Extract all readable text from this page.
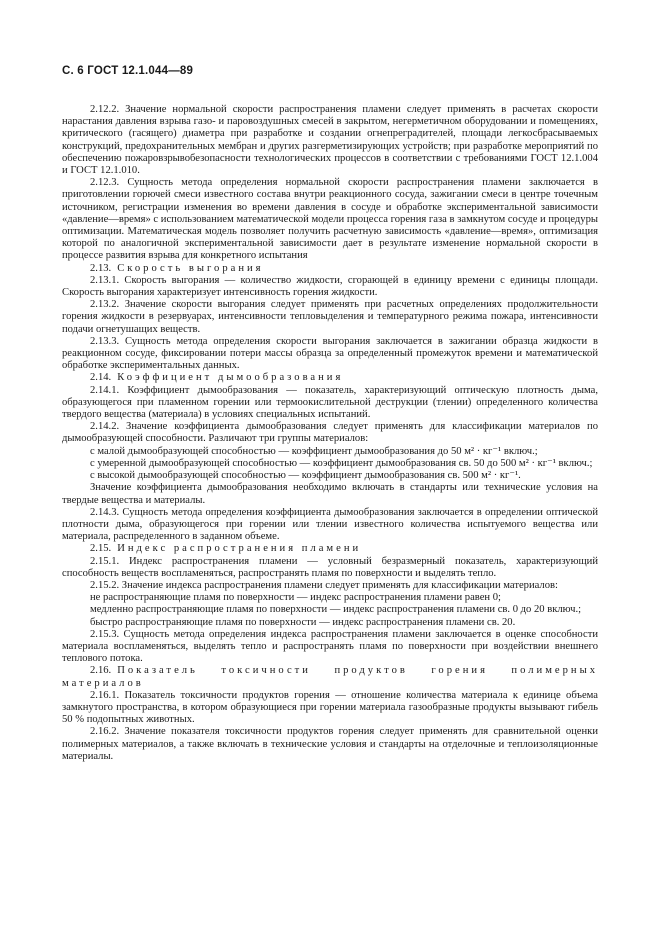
С. 6 ГОСТ 12.1.044—89

2.12.2. Значение нормальной скорости распространения пламени следует применять в расчетах скорости нарастания давления взрыва газо- и паровоздушных смесей в закрытом, негерметичном оборудовании и помещениях, критического (гасящего) диаметра при разработке и создании огнепреградителей, площади легкосбрасываемых конструкций, предохранительных мембран и других разгерметизирующих устройств; при разработке мероприятий по обеспечению пожаровзрывобезопасности технологических процессов в соответствии с требованиями ГОСТ 12.1.004 и ГОСТ 12.1.010.

2.12.3. Сущность метода определения нормальной скорости распространения пламени заключается в приготовлении горючей смеси известного состава внутри реакционного сосуда, зажигании смеси в центре точечным источником, регистрации изменения во времени давления в сосуде и обработке экспериментальной зависимости «давление—время» с использованием математической модели процесса горения газа в замкнутом сосуде и процедуры оптимизации. Математическая модель позволяет получить расчетную зависимость «давление—время», оптимизация которой по аналогичной экспериментальной зависимости дает в результате изменение нормальной скорости в процессе развития взрыва для конкретного испытания

2.13. Скорость выгорания

2.13.1. Скорость выгорания — количество жидкости, сгорающей в единицу времени с единицы площади. Скорость выгорания характеризует интенсивность горения жидкости.

2.13.2. Значение скорости выгорания следует применять при расчетных определениях продолжительности горения жидкости в резервуарах, интенсивности тепловыделения и температурного режима пожара, интенсивности подачи огнетушащих веществ.

2.13.3. Сущность метода определения скорости выгорания заключается в зажигании образца жидкости в реакционном сосуде, фиксировании потери массы образца за определенный промежуток времени и математической обработке экспериментальных данных.

2.14. Коэффициент дымообразования

2.14.1. Коэффициент дымообразования — показатель, характеризующий оптическую плотность дыма, образующегося при пламенном горении или термоокислительной деструкции (тлении) определенного количества твердого вещества (материала) в условиях специальных испытаний.

2.14.2. Значение коэффициента дымообразования следует применять для классификации материалов по дымообразующей способности. Различают три группы материалов:

с малой дымообразующей способностью — коэффициент дымообразования до 50 м² · кг⁻¹ включ.;

с умеренной дымообразующей способностью — коэффициент дымообразования св. 50 до 500 м² · кг⁻¹ включ.;

с высокой дымообразующей способностью — коэффициент дымообразования св. 500 м² · кг⁻¹.

Значение коэффициента дымообразования необходимо включать в стандарты или технические условия на твердые вещества и материалы.

2.14.3. Сущность метода определения коэффициента дымообразования заключается в определении оптической плотности дыма, образующегося при горении или тлении известного количества испытуемого вещества или материала, распределенного в заданном объеме.

2.15. Индекс распространения пламени

2.15.1. Индекс распространения пламени — условный безразмерный показатель, характеризующий способность веществ воспламеняться, распространять пламя по поверхности и выделять тепло.

2.15.2. Значение индекса распространения пламени следует применять для классификации материалов:

не распространяющие пламя по поверхности — индекс распространения пламени равен 0;

медленно распространяющие пламя по поверхности — индекс распространения пламени св. 0 до 20 включ.;

быстро распространяющие пламя по поверхности — индекс распространения пламени св. 20.

2.15.3. Сущность метода определения индекса распространения пламени заключается в оценке способности материала воспламеняться, выделять тепло и распространять пламя по поверхности при воздействии внешнего теплового потока.

2.16. Показатель токсичности продуктов горения полимерных материалов

2.16.1. Показатель токсичности продуктов горения — отношение количества материала к единице объема замкнутого пространства, в котором образующиеся при горении материала газообразные продукты вызывают гибель 50 % подопытных животных.

2.16.2. Значение показателя токсичности продуктов горения следует применять для сравнительной оценки полимерных материалов, а также включать в технические условия и стандарты на отделочные и теплоизоляционные материалы.
